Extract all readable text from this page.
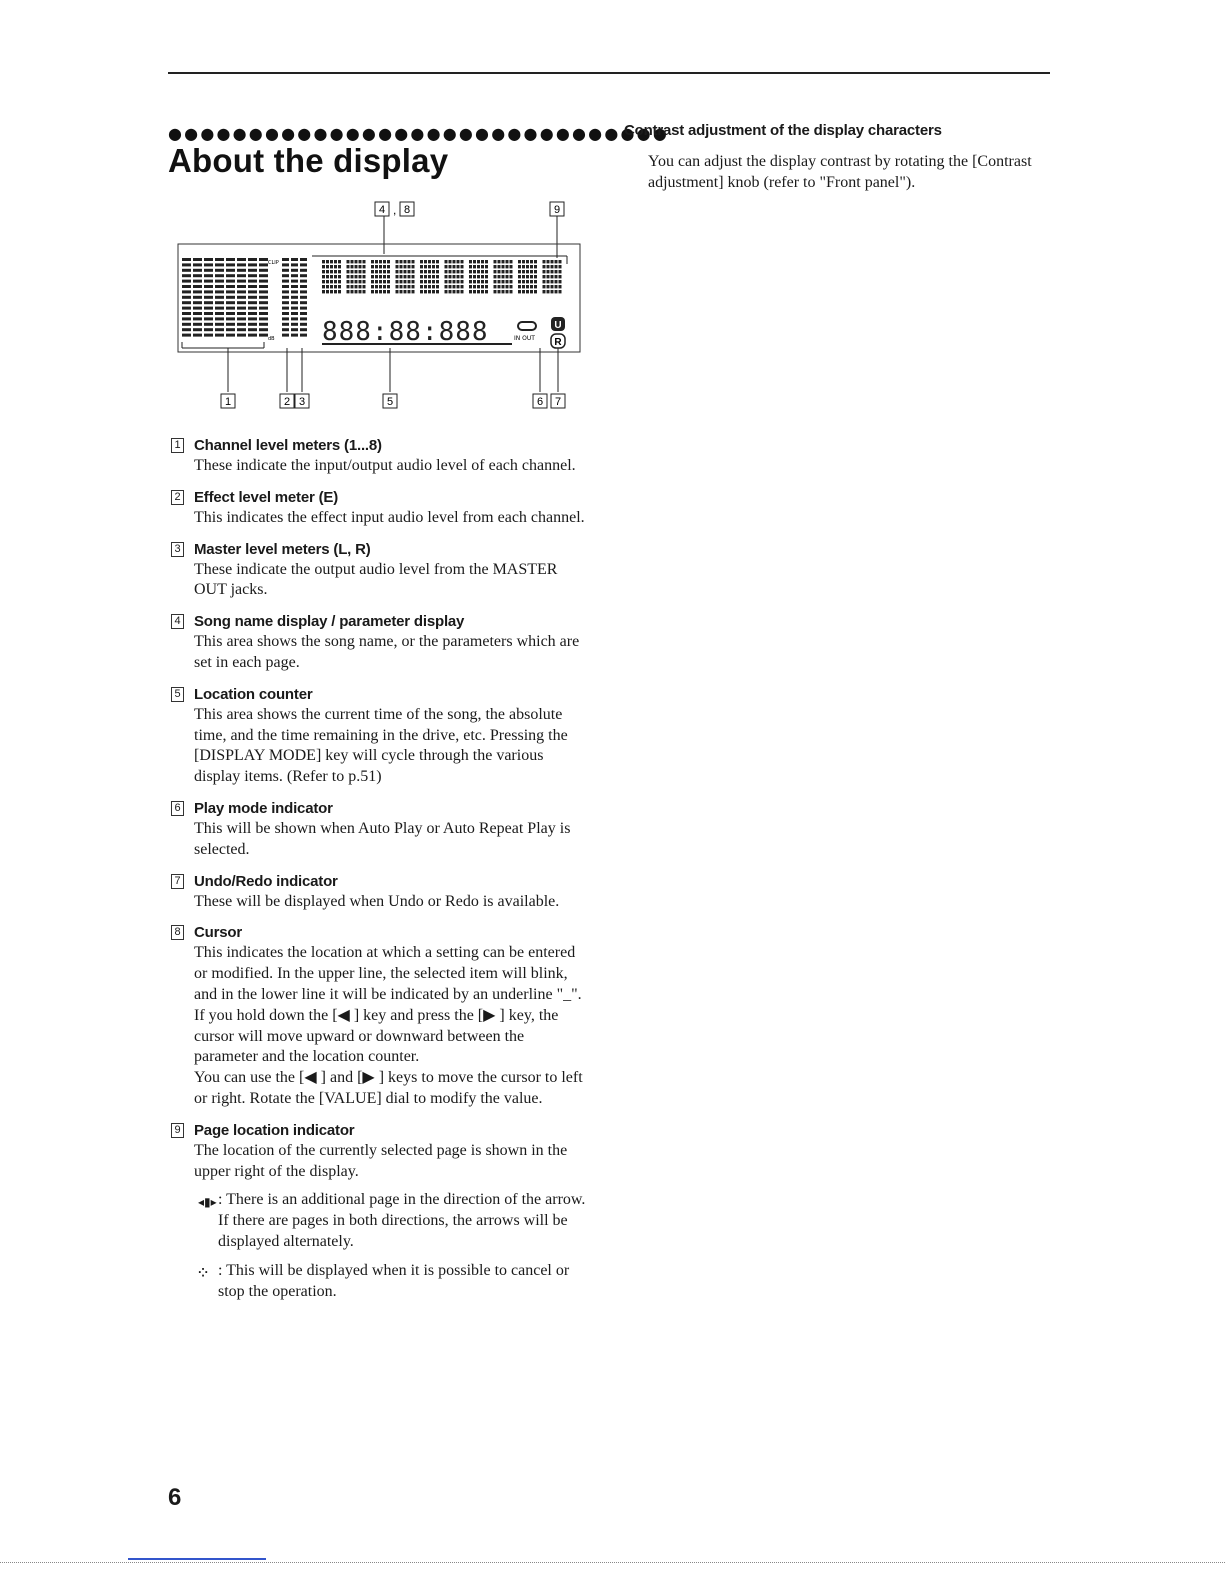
●●●●●●●●●●●●●●●●●●●●●●●●●●●●●●●
About the display
4 , 8	9
CLIP
dB 888:88:888	IN OUT
U
R
1	2 3	5	6 7
1 Channel level meters (1...8)

These indicate the input/output audio level of each channel.

2 Effect level meter (E)

This indicates the effect input audio level from each channel.

3 Master level meters (L, R)

These indicate the output audio level from the MASTER OUT jacks.

4 Song name display / parameter display

This area shows the song name, or the parameters which are set in each page.

5 Location counter

This area shows the current time of the song, the absolute time, and the time remaining in the drive, etc. Pressing the [DISPLAY MODE] key will cycle through the various display items. (Refer to p.51)

6 Play mode indicator

This will be shown when Auto Play or Auto Repeat Play is selected.

7 Undo/Redo indicator

These will be displayed when Undo or Redo is available.

8 Cursor

This indicates the location at which a setting can be entered or modified. In the upper line, the selected item will blink, and in the lower line it will be indicated by an underline "_".

If you hold down the [◀ ] key and press the [▶ ] key, the cursor will move upward or downward between the parameter and the location counter.

You can use the [◀ ] and [▶ ] keys to move the cursor to left or right. Rotate the [VALUE] dial to modify the value.

9 Page location indicator

The location of the currently selected page is shown in the upper right of the display.

◂▮▸ : There is an additional page in the direction of the arrow. If there are pages in both directions, the arrows will be displayed alternately.
⁘ : This will be displayed when it is possible to cancel or stop the operation.
Contrast adjustment of the display characters
You can adjust the display contrast by rotating the [Contrast adjustment] knob (refer to "Front panel").
6
